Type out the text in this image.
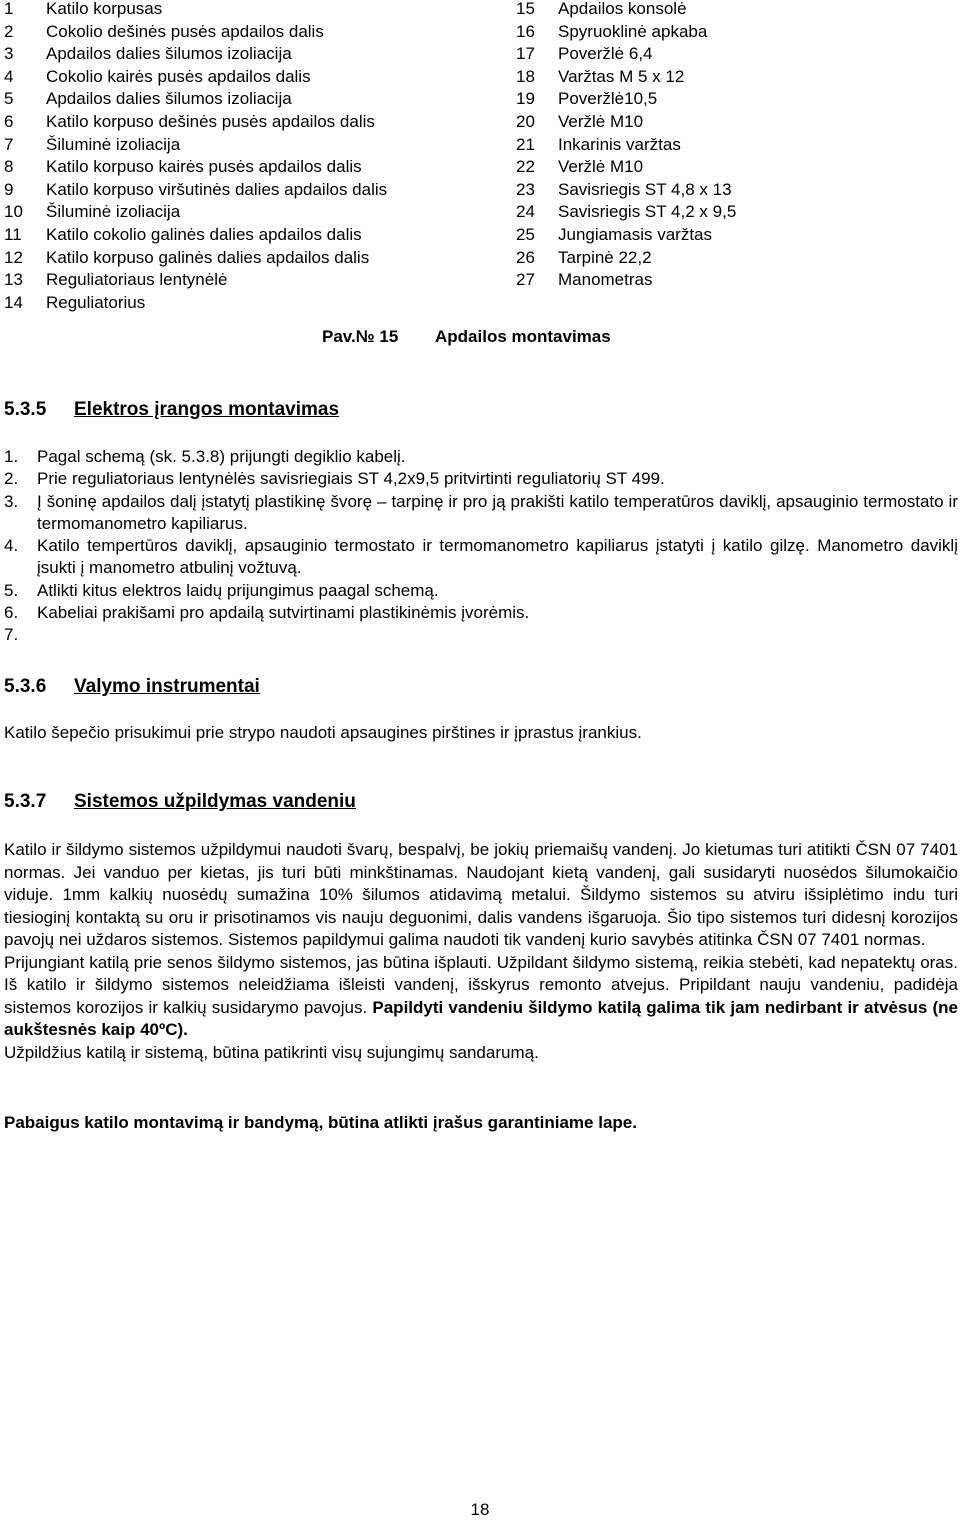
1	Katilo korpusas
2	Cokolio dešinės pusės apdailos dalis
3	Apdailos dalies šilumos izoliacija
4	Cokolio kairės pusės apdailos dalis
5	Apdailos dalies šilumos izoliacija
6	Katilo korpuso dešinės pusės apdailos dalis
7	Šiluminė izoliacija
8	Katilo korpuso kairės pusės apdailos dalis
9	Katilo korpuso viršutinės dalies apdailos dalis
10	Šiluminė izoliacija
11	Katilo cokolio galinės dalies apdailos dalis
12	Katilo korpuso galinės dalies apdailos dalis
13	Reguliatoriaus lentynėlė
14	Reguliatorius
15	Apdailos konsolė
16	Spyruoklinė apkaba
17	Poveržlė 6,4
18	Varžtas M 5 x 12
19	Poveržlė10,5
20	Veržlė M10
21	Inkarinis varžtas
22	Veržlė M10
23	Savisriegis ST 4,8 x 13
24	Savisriegis ST 4,2 x 9,5
25	Jungiamasis varžtas
26	Tarpinė 22,2
27	Manometras
Pav.№ 15 Apdailos montavimas
5.3.5 Elektros įrangos montavimas
1.	Pagal schemą (sk. 5.3.8) prijungti degiklio kabelį.
2.	Prie reguliatoriaus lentynėlės savisriegiais ST 4,2x9,5 pritvirtinti reguliatorių ST 499.
3.	Į šoninę apdailos dalį įstatytį plastikinę švorę – tarpinę ir pro ją prakišti katilo temperatūros daviklį, apsauginio termostato ir termomanometro kapiliarus.
4.	Katilo tempertūros daviklį, apsauginio termostato ir termomanometro kapiliarus įstatyti į katilo gilzę. Manometro daviklį įsukti į manometro atbulinį vožtuvą.
5.	Atlikti kitus elektros laidų prijungimus paagal schemą.
6.	Kabeliai prakišami pro apdailą sutvirtinami plastikinėmis įvorėmis.
7.
5.3.6 Valymo instrumentai
Katilo šepečio prisukimui prie strypo naudoti apsaugines pirštines ir įprastus įrankius.
5.3.7 Sistemos užpildymas vandeniu
Katilo ir šildymo sistemos užpildymui naudoti švarų, bespalvį, be jokių priemaišų vandenį. Jo kietumas turi atitikti ČSN 07 7401 normas. Jei vanduo per kietas, jis turi būti minkštinamas. Naudojant kietą vandenį, gali susidaryti nuosėdos šilumokaičio viduje. 1mm kalkių nuosėdų sumažina 10% šilumos atidavimą metalui. Šildymo sistemos su atviru išsiplėtimo indu turi tiesioginį kontaktą su oru ir prisotinamos vis nauju deguonimi, dalis vandens išgaruoja. Šio tipo sistemos turi didesnį korozijos pavojų nei uždaros sistemos. Sistemos papildymui galima naudoti tik vandenį kurio savybės atitinka ČSN 07 7401 normas.
Prijungiant katilą prie senos šildymo sistemos, jas būtina išplauti. Užpildant šildymo sistemą, reikia stebėti, kad nepatektų oras. Iš katilo ir šildymo sistemos neleidžiama išleisti vandenį, išskyrus remonto atvejus. Pripildant nauju vandeniu, padidėja sistemos korozijos ir kalkių susidarymo pavojus. Papildyti vandeniu šildymo katilą galima tik jam nedirbant ir atvėsus (ne aukštesnės kaip 40ºC).
Užpildžius katilą ir sistemą, būtina patikrinti visų sujungimų sandarumą.
Pabaigus katilo montavimą ir bandymą, būtina atlikti įrašus garantiniame lape.
18
